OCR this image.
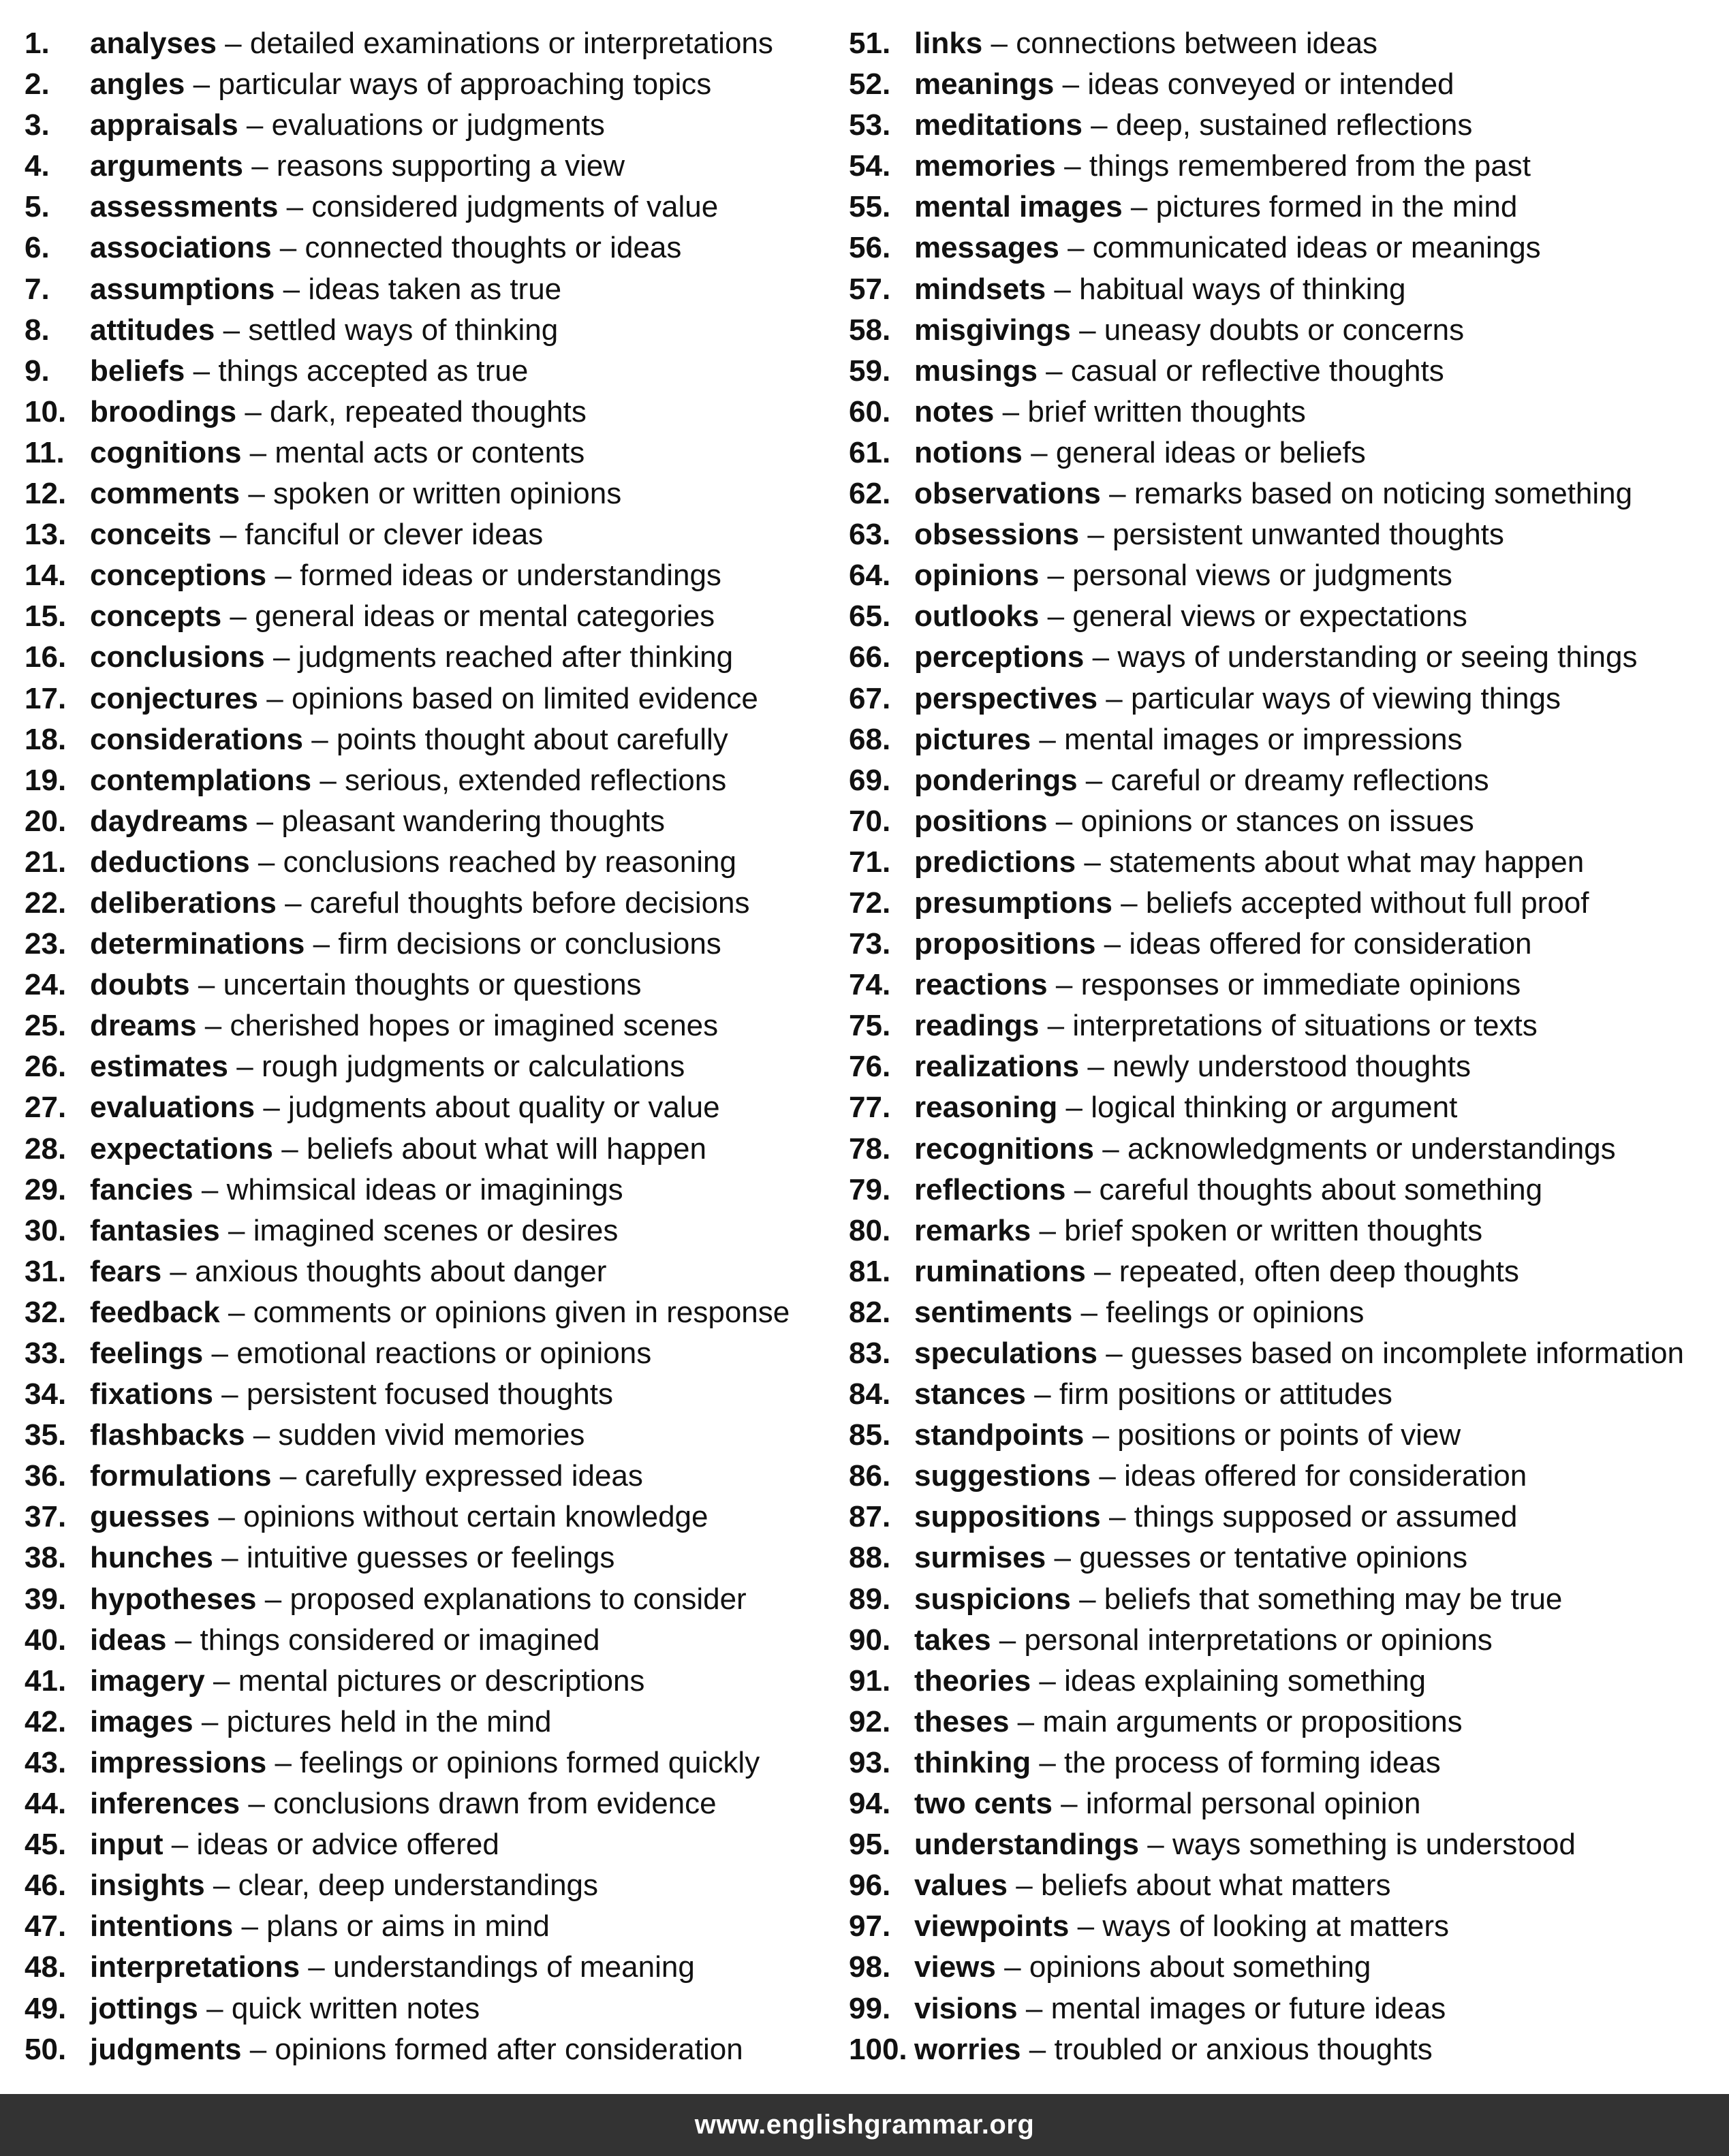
1. analyses – detailed examinations or interpretations
2. angles – particular ways of approaching topics
3. appraisals – evaluations or judgments
4. arguments – reasons supporting a view
5. assessments – considered judgments of value
6. associations – connected thoughts or ideas
7. assumptions – ideas taken as true
8. attitudes – settled ways of thinking
9. beliefs – things accepted as true
10. broodings – dark, repeated thoughts
11. cognitions – mental acts or contents
12. comments – spoken or written opinions
13. conceits – fanciful or clever ideas
14. conceptions – formed ideas or understandings
15. concepts – general ideas or mental categories
16. conclusions – judgments reached after thinking
17. conjectures – opinions based on limited evidence
18. considerations – points thought about carefully
19. contemplations – serious, extended reflections
20. daydreams – pleasant wandering thoughts
21. deductions – conclusions reached by reasoning
22. deliberations – careful thoughts before decisions
23. determinations – firm decisions or conclusions
24. doubts – uncertain thoughts or questions
25. dreams – cherished hopes or imagined scenes
26. estimates – rough judgments or calculations
27. evaluations – judgments about quality or value
28. expectations – beliefs about what will happen
29. fancies – whimsical ideas or imaginings
30. fantasies – imagined scenes or desires
31. fears – anxious thoughts about danger
32. feedback – comments or opinions given in response
33. feelings – emotional reactions or opinions
34. fixations – persistent focused thoughts
35. flashbacks – sudden vivid memories
36. formulations – carefully expressed ideas
37. guesses – opinions without certain knowledge
38. hunches – intuitive guesses or feelings
39. hypotheses – proposed explanations to consider
40. ideas – things considered or imagined
41. imagery – mental pictures or descriptions
42. images – pictures held in the mind
43. impressions – feelings or opinions formed quickly
44. inferences – conclusions drawn from evidence
45. input – ideas or advice offered
46. insights – clear, deep understandings
47. intentions – plans or aims in mind
48. interpretations – understandings of meaning
49. jottings – quick written notes
50. judgments – opinions formed after consideration
51. links – connections between ideas
52. meanings – ideas conveyed or intended
53. meditations – deep, sustained reflections
54. memories – things remembered from the past
55. mental images – pictures formed in the mind
56. messages – communicated ideas or meanings
57. mindsets – habitual ways of thinking
58. misgivings – uneasy doubts or concerns
59. musings – casual or reflective thoughts
60. notes – brief written thoughts
61. notions – general ideas or beliefs
62. observations – remarks based on noticing something
63. obsessions – persistent unwanted thoughts
64. opinions – personal views or judgments
65. outlooks – general views or expectations
66. perceptions – ways of understanding or seeing things
67. perspectives – particular ways of viewing things
68. pictures – mental images or impressions
69. ponderings – careful or dreamy reflections
70. positions – opinions or stances on issues
71. predictions – statements about what may happen
72. presumptions – beliefs accepted without full proof
73. propositions – ideas offered for consideration
74. reactions – responses or immediate opinions
75. readings – interpretations of situations or texts
76. realizations – newly understood thoughts
77. reasoning – logical thinking or argument
78. recognitions – acknowledgments or understandings
79. reflections – careful thoughts about something
80. remarks – brief spoken or written thoughts
81. ruminations – repeated, often deep thoughts
82. sentiments – feelings or opinions
83. speculations – guesses based on incomplete information
84. stances – firm positions or attitudes
85. standpoints – positions or points of view
86. suggestions – ideas offered for consideration
87. suppositions – things supposed or assumed
88. surmises – guesses or tentative opinions
89. suspicions – beliefs that something may be true
90. takes – personal interpretations or opinions
91. theories – ideas explaining something
92. theses – main arguments or propositions
93. thinking – the process of forming ideas
94. two cents – informal personal opinion
95. understandings – ways something is understood
96. values – beliefs about what matters
97. viewpoints – ways of looking at matters
98. views – opinions about something
99. visions – mental images or future ideas
100. worries – troubled or anxious thoughts
www.englishgrammar.org
